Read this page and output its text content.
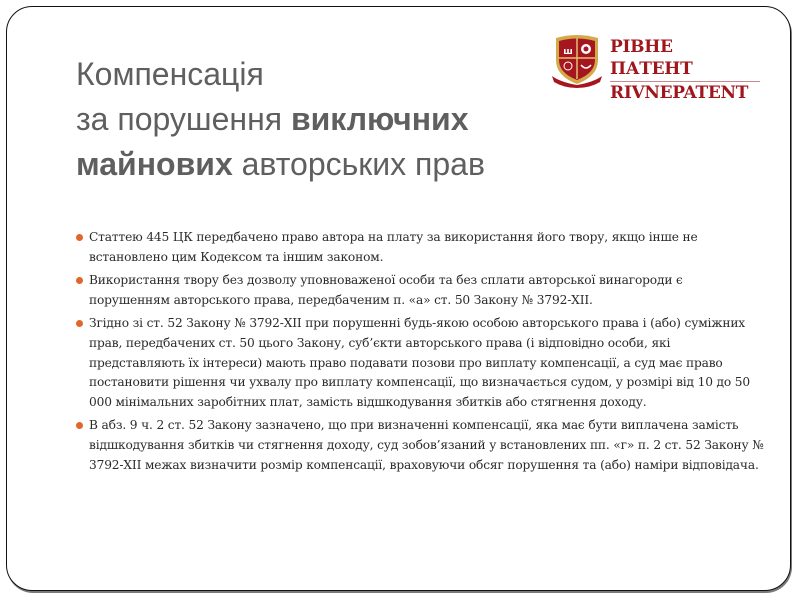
Компенсація
за порушення виключних
майнових авторських прав
ш РІВНЕ ПАТЕНТ
RIVNEPATENT
Статтею 445 ЦК передбачено право автора на плату за використання його твору, якщо інше не встановлено цим Кодексом та іншим законом.
Використання твору без дозволу уповноваженої особи та без сплати авторської винагороди є порушенням авторського права, передбаченим п. «а» ст. 50 Закону № 3792-XII.
Згідно зі ст. 52 Закону № 3792-XII при порушенні будь-якою особою авторського права і (або) суміжних прав, передбачених ст. 50 цього Закону, суб’єкти авторського права (і відповідно особи, які представляють їх інтереси) мають право подавати позови про виплату компенсації, а суд має право постановити рішення чи ухвалу про виплату компенсації, що визначається судом, у розмірі від 10 до 50 000 мінімальних заробітних плат, замість відшкодування збитків або стягнення доходу.
В абз. 9 ч. 2 ст. 52 Закону зазначено, що при визначенні компенсації, яка має бути виплачена замість відшкодування збитків чи стягнення доходу, суд зобов’язаний у встановлених пп. «г» п. 2 ст. 52 Закону № 3792-XII межах визначити розмір компенсації, враховуючи обсяг порушення та (або) наміри відповідача.
